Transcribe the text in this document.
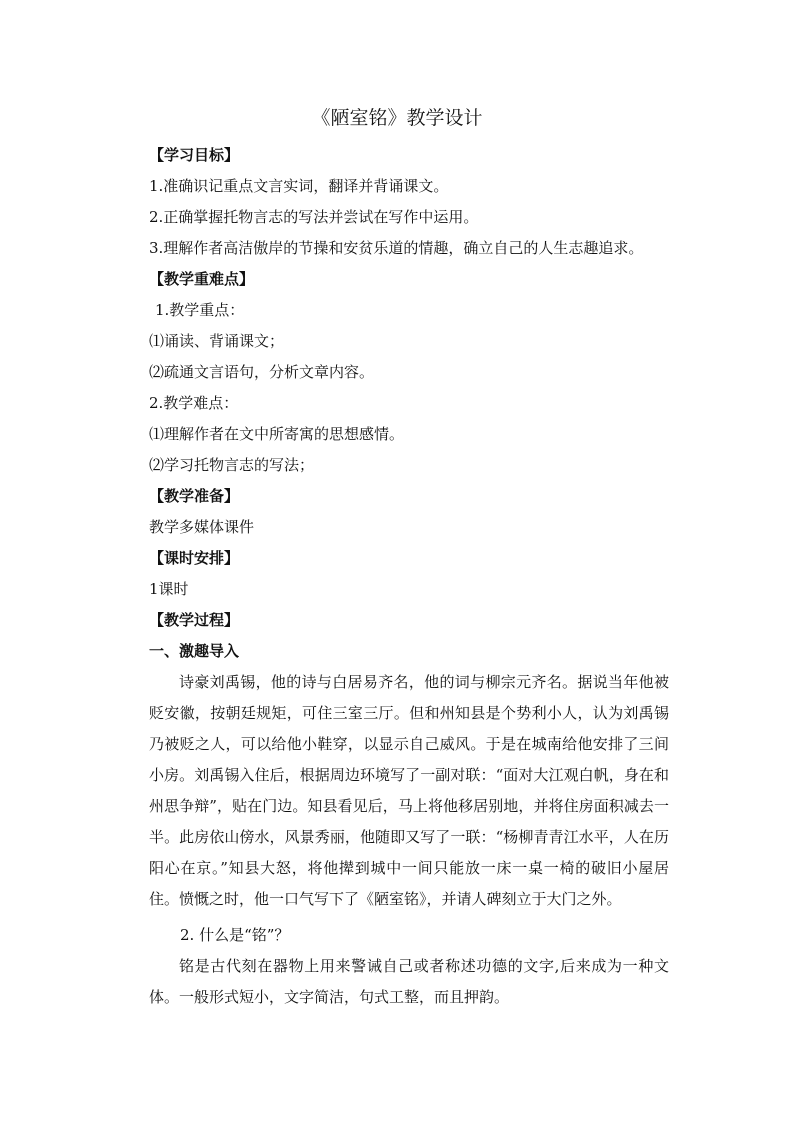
《陋室铭》教学设计
【学习目标】
1.准确识记重点文言实词，翻译并背诵课文。
2.正确掌握托物言志的写法并尝试在写作中运用。
3.理解作者高洁傲岸的节操和安贫乐道的情趣，确立自己的人生志趣追求。
【教学重难点】
1.教学重点：
⑴诵读、背诵课文；
⑵疏通文言语句，分析文章内容。
2.教学难点：
⑴理解作者在文中所寄寓的思想感情。
⑵学习托物言志的写法；
【教学准备】
教学多媒体课件
【课时安排】
1课时
【教学过程】
一、激趣导入
诗豪刘禹锡，他的诗与白居易齐名，他的词与柳宗元齐名。据说当年他被贬安徽，按朝廷规矩，可住三室三厅。但和州知县是个势利小人，认为刘禹锡乃被贬之人，可以给他小鞋穿，以显示自己威风。于是在城南给他安排了三间小房。刘禹锡入住后，根据周边环境写了一副对联：“面对大江观白帆，身在和州思争辩”，贴在门边。知县看见后，马上将他移居别地，并将住房面积减去一半。此房依山傍水，风景秀丽，他随即又写了一联：“杨柳青青江水平，人在历阳心在京。”知县大怒，将他撵到城中一间只能放一床一桌一椅的破旧小屋居住。愤慨之时，他一口气写下了《陋室铭》，并请人碑刻立于大门之外。
2. 什么是“铭”？
铭是古代刻在器物上用来警诫自己或者称述功德的文字,后来成为一种文体。一般形式短小，文字简洁，句式工整，而且押韵。
